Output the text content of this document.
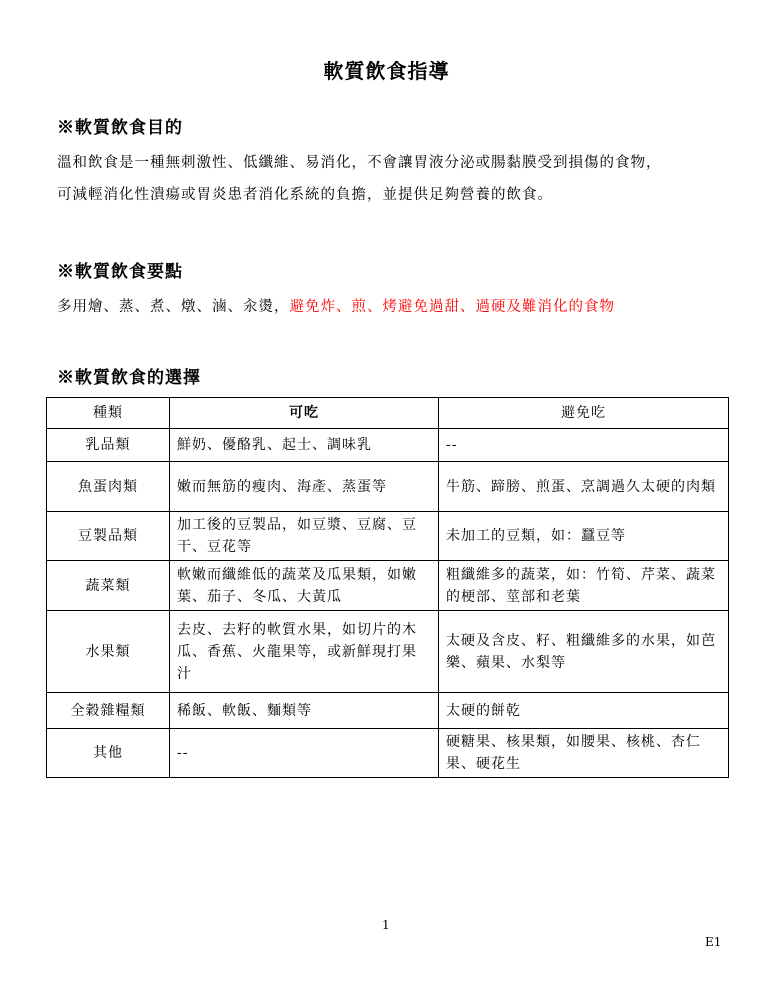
軟質飲食指導
※軟質飲食目的
溫和飲食是一種無刺激性、低纖維、易消化，不會讓胃液分泌或腸黏膜受到損傷的食物，
可減輕消化性潰瘍或胃炎患者消化系統的負擔，並提供足夠營養的飲食。
※軟質飲食要點
多用燴、蒸、煮、燉、滷、汆燙，避免炸、煎、烤避免過甜、過硬及難消化的食物
※軟質飲食的選擇
種類	可吃	避免吃
乳品類	鮮奶、優酪乳、起士、調味乳	--
魚蛋肉類	嫩而無筋的瘦肉、海產、蒸蛋等	牛筋、蹄膀、煎蛋、烹調過久太硬的肉類
豆製品類	加工後的豆製品，如豆漿、豆腐、豆干、豆花等	未加工的豆類，如：蠶豆等
蔬菜類	軟嫩而纖維低的蔬菜及瓜果類，如嫩葉、茄子、冬瓜、大黃瓜	粗纖維多的蔬菜，如：竹筍、芹菜、蔬菜的梗部、莖部和老葉
水果類	去皮、去籽的軟質水果，如切片的木瓜、香蕉、火龍果等，或新鮮現打果汁	太硬及含皮、籽、粗纖維多的水果，如芭樂、蘋果、水梨等
全穀雜糧類	稀飯、軟飯、麵類等	太硬的餅乾
其他	--	硬糖果、核果類，如腰果、核桃、杏仁果、硬花生
1
E1
